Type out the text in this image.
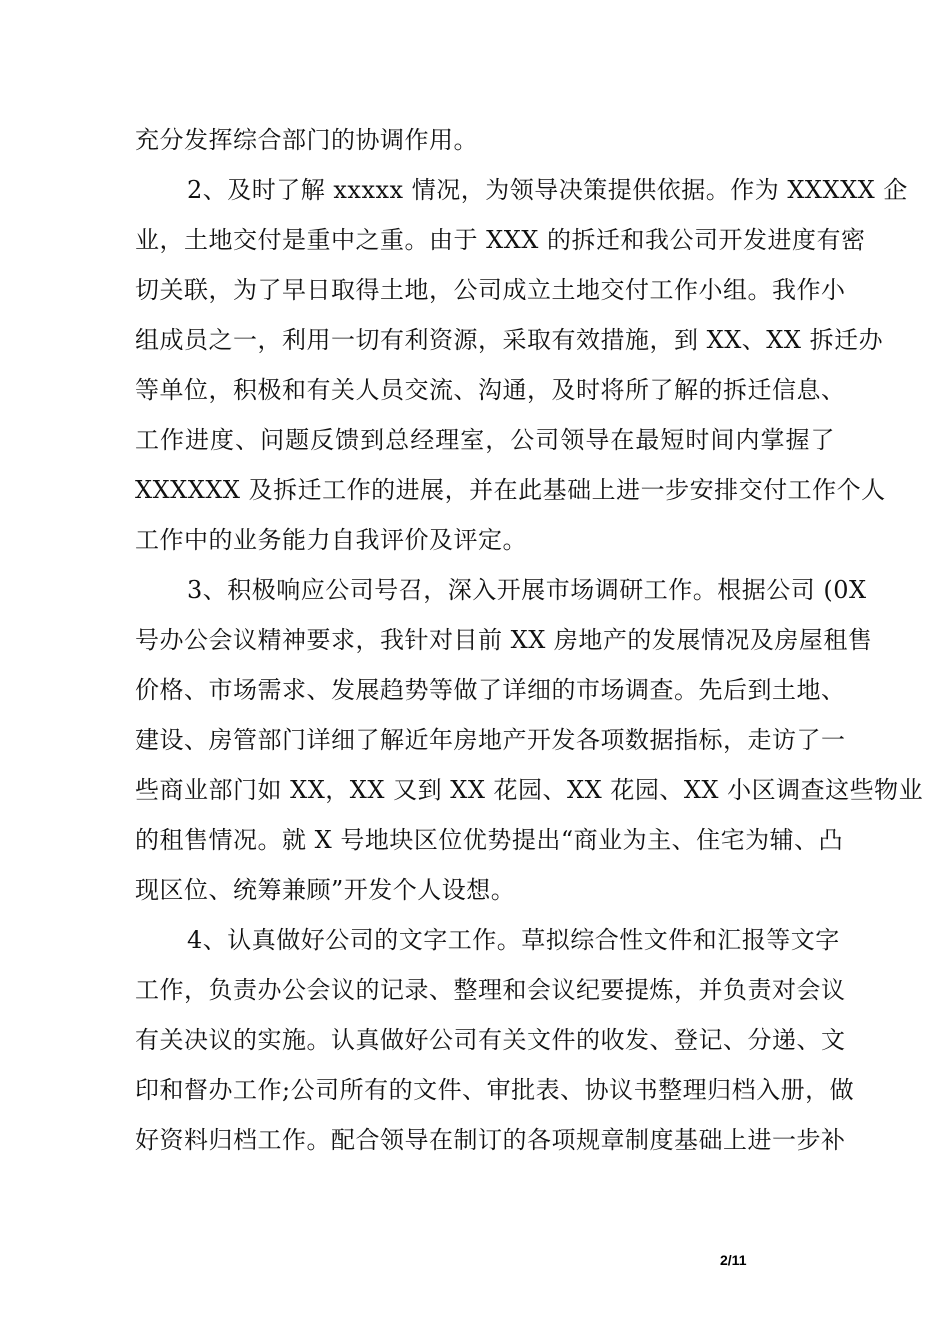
充分发挥综合部门的协调作用。
2、及时了解 xxxxx 情况，为领导决策提供依据。作为 XXXXX 企
业，土地交付是重中之重。由于 XXX 的拆迁和我公司开发进度有密
切关联，为了早日取得土地，公司成立土地交付工作小组。我作小
组成员之一，利用一切有利资源，采取有效措施，到 XX、XX 拆迁办
等单位，积极和有关人员交流、沟通，及时将所了解的拆迁信息、
工作进度、问题反馈到总经理室，公司领导在最短时间内掌握了
XXXXXX 及拆迁工作的进展，并在此基础上进一步安排交付工作个人
工作中的业务能力自我评价及评定。
3、积极响应公司号召，深入开展市场调研工作。根据公司 (0X
号办公会议精神要求，我针对目前 XX 房地产的发展情况及房屋租售
价格、市场需求、发展趋势等做了详细的市场调查。先后到土地、
建设、房管部门详细了解近年房地产开发各项数据指标，走访了一
些商业部门如 XX，XX 又到 XX 花园、XX 花园、XX 小区调查这些物业
的租售情况。就 X 号地块区位优势提出“商业为主、住宅为辅、凸
现区位、统筹兼顾”开发个人设想。
4、认真做好公司的文字工作。草拟综合性文件和汇报等文字
工作，负责办公会议的记录、整理和会议纪要提炼，并负责对会议
有关决议的实施。认真做好公司有关文件的收发、登记、分递、文
印和督办工作;公司所有的文件、审批表、协议书整理归档入册，做
好资料归档工作。配合领导在制订的各项规章制度基础上进一步补
2/11
